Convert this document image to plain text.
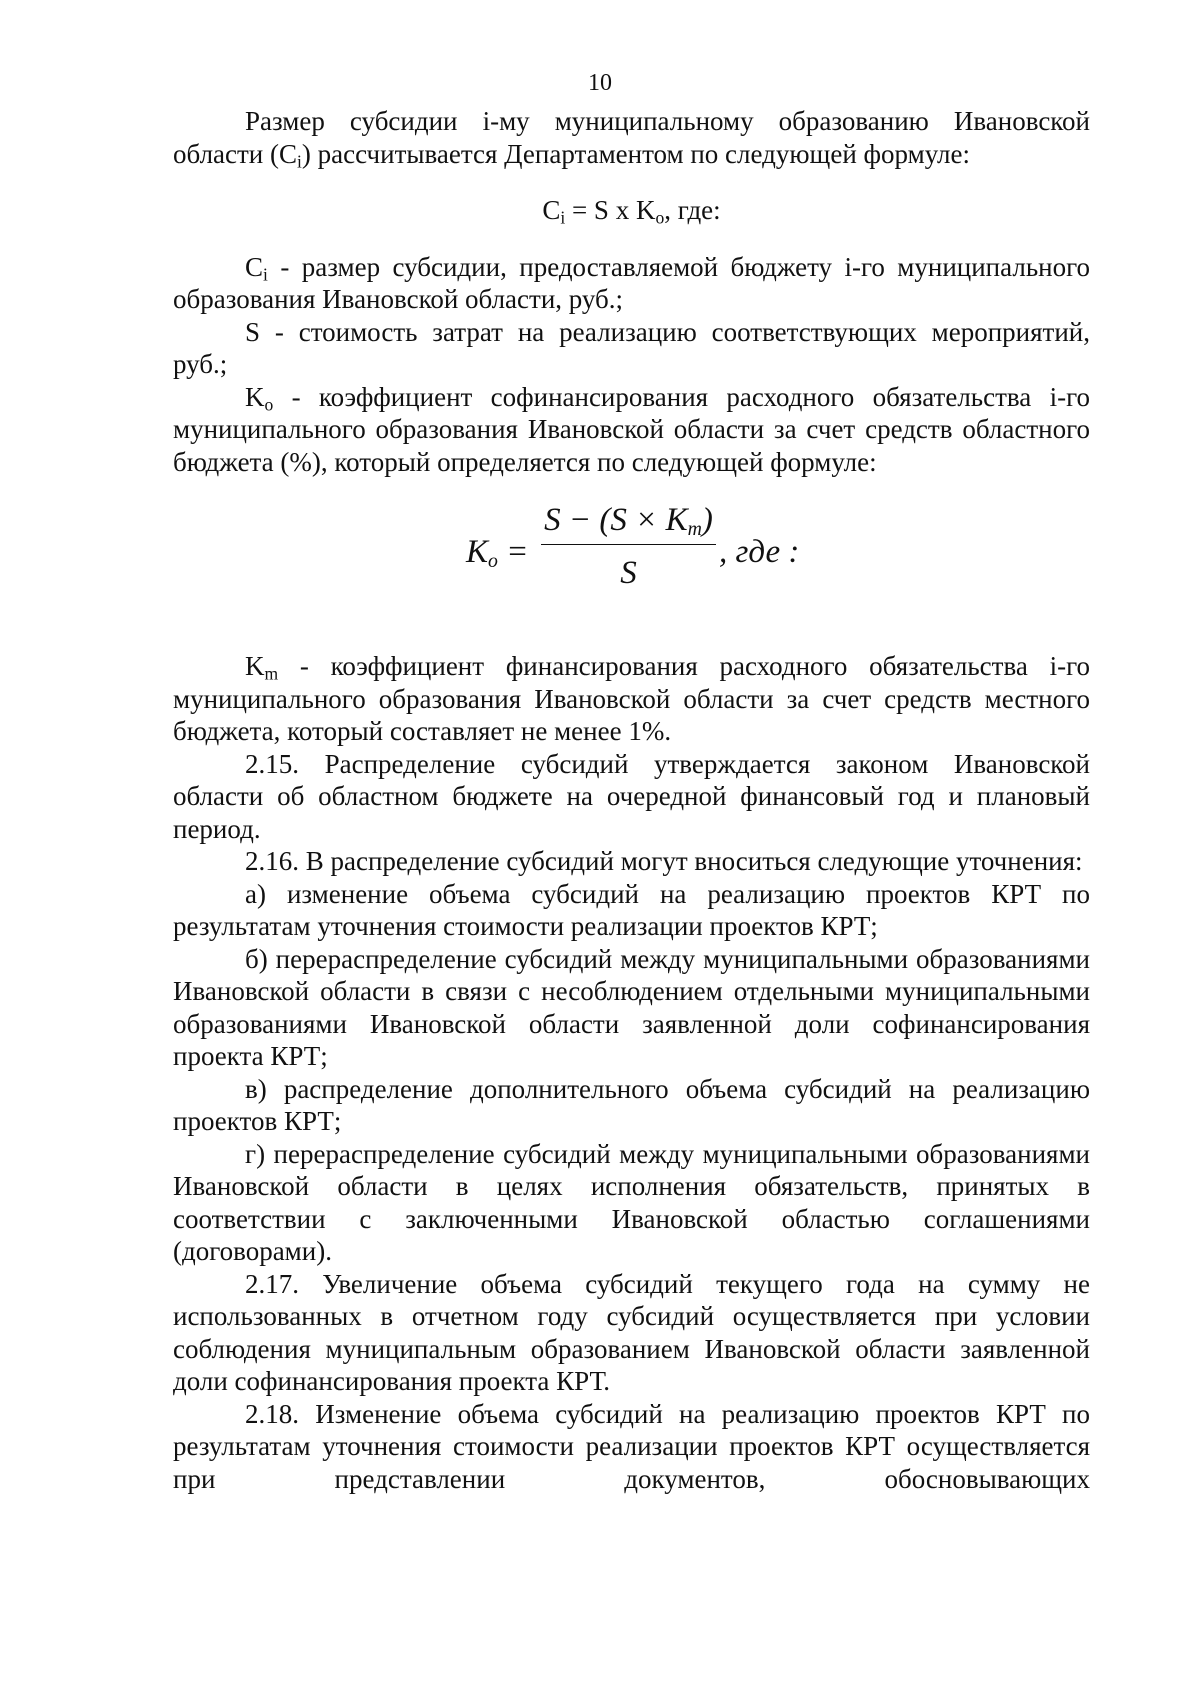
10

Размер субсидии i-му муниципальному образованию Ивановской области $(C_i)$ рассчитывается Департаментом по следующей формуле:

$C_i = S$ x $K_o$, где:

$C_i$ - размер субсидии, предоставляемой бюджету i-го муниципального образования Ивановской области, руб.;

S - стоимость затрат на реализацию соответствующих мероприятий, руб.;

$K_o$ - коэффициент софинансирования расходного обязательства i-го муниципального образования Ивановской области за счет средств областного бюджета (%), который определяется по следующей формуле:

$K_o = \frac{S - (S \times K_m)}{S}$ , где :

$K_m$ - коэффициент финансирования расходного обязательства i-го муниципального образования Ивановской области за счет средств местного бюджета, который составляет не менее 1%.

2.15. Распределение субсидий утверждается законом Ивановской области об областном бюджете на очередной финансовый год и плановый период.

2.16. В распределение субсидий могут вноситься следующие уточнения:

а) изменение объема субсидий на реализацию проектов КРТ по результатам уточнения стоимости реализации проектов КРТ;

б) перераспределение субсидий между муниципальными образованиями Ивановской области в связи с несоблюдением отдельными муниципальными образованиями Ивановской области заявленной доли софинансирования проекта КРТ;

в) распределение дополнительного объема субсидий на реализацию проектов КРТ;

г) перераспределение субсидий между муниципальными образованиями Ивановской области в целях исполнения обязательств, принятых в соответствии с заключенными Ивановской областью соглашениями (договорами).

2.17. Увеличение объема субсидий текущего года на сумму не использованных в отчетном году субсидий осуществляется при условии соблюдения муниципальным образованием Ивановской области заявленной доли софинансирования проекта КРТ.

2.18. Изменение объема субсидий на реализацию проектов КРТ по результатам уточнения стоимости реализации проектов КРТ осуществляется при представлении документов, обосновывающих
